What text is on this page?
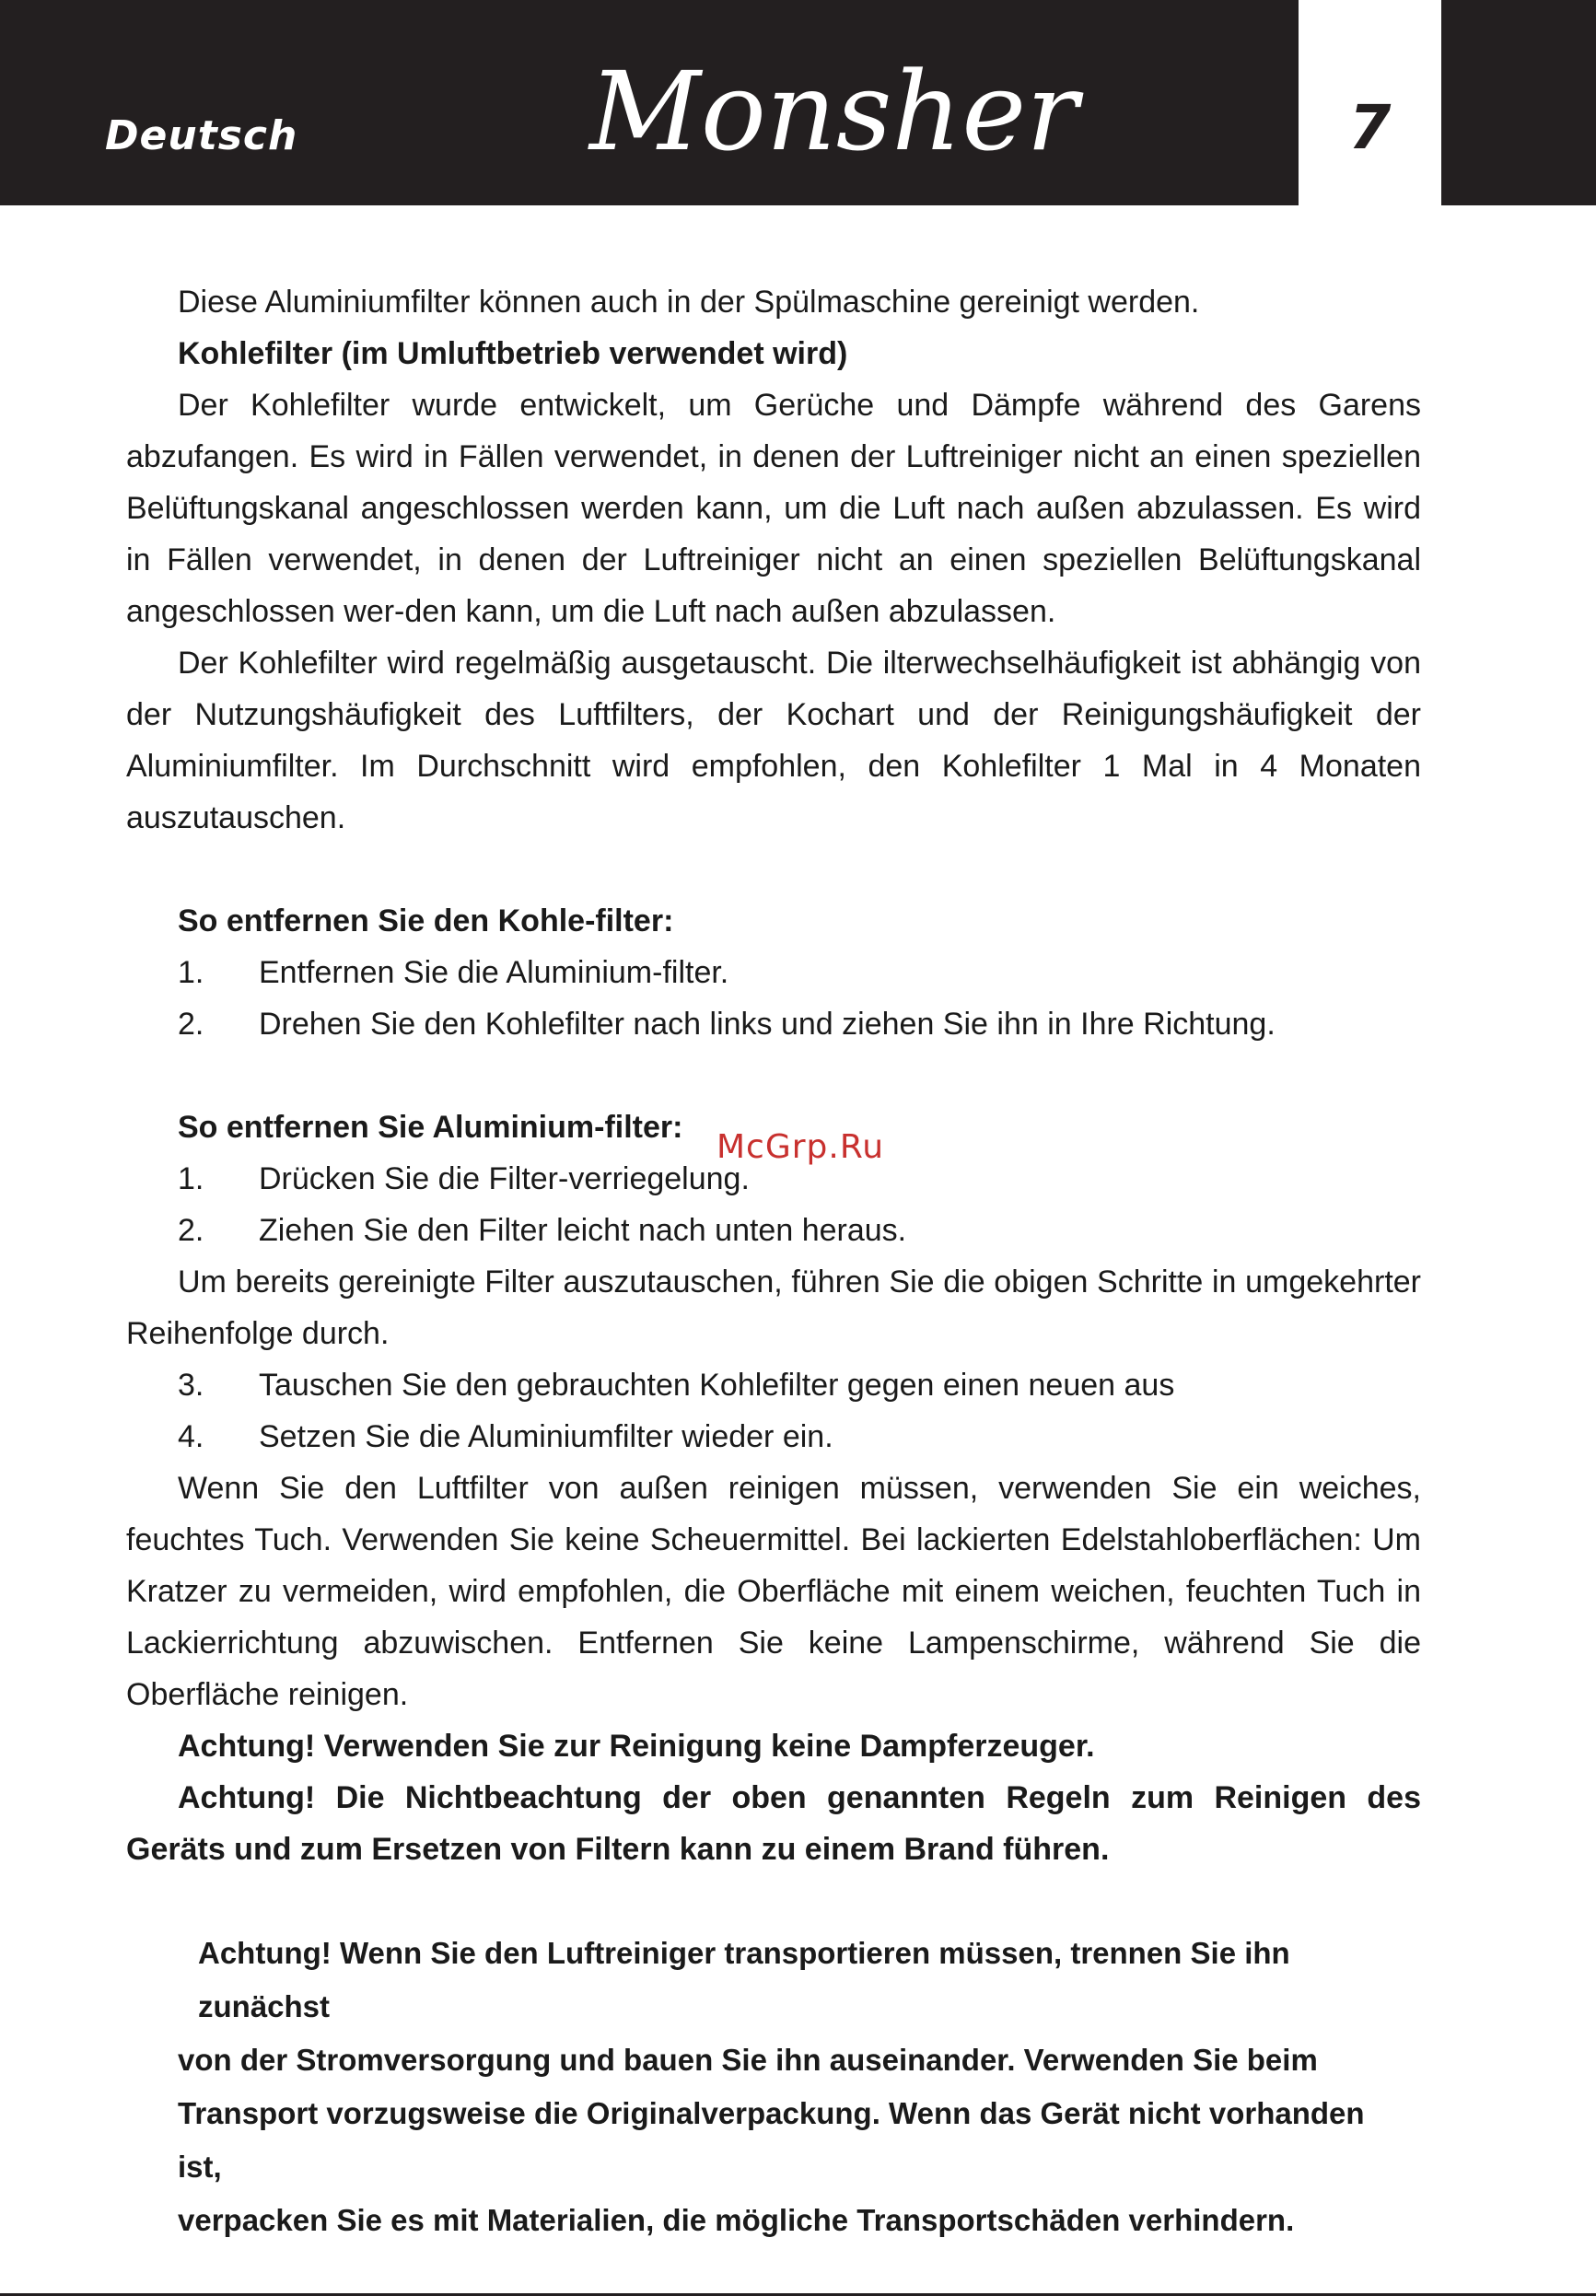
Deutsch	Monsher	7

Diese Aluminiumfilter können auch in der Spülmaschine gereinigt werden.

Kohlefilter (im Umluftbetrieb verwendet wird)

Der Kohlefilter wurde entwickelt, um Gerüche und Dämpfe während des Garens abzufangen. Es wird in Fällen verwendet, in denen der Luftreiniger nicht an einen speziellen Belüftungskanal angeschlossen werden kann, um die Luft nach außen abzulassen. Es wird in Fällen verwendet, in denen der Luftreiniger nicht an einen speziellen Belüftungskanal angeschlossen wer-den kann, um die Luft nach außen abzulassen.

Der Kohlefilter wird regelmäßig ausgetauscht. Die ilterwechselhäufigkeit ist abhängig von der Nutzungshäufigkeit des Luftfilters, der Kochart und der Reinigungshäufigkeit der Aluminiumfilter. Im Durchschnitt wird empfohlen, den Kohlefilter 1 Mal in 4 Monaten auszutauschen.

So entfernen Sie den Kohle-filter:

1.	Entfernen Sie die Aluminium-filter.
2.	Drehen Sie den Kohlefilter nach links und ziehen Sie ihn in Ihre Richtung.

So entfernen Sie Aluminium-filter:

1.	Drücken Sie die Filter-verriegelung.
2.	Ziehen Sie den Filter leicht nach unten heraus.

Um bereits gereinigte Filter auszutauschen, führen Sie die obigen Schritte in umgekehrter Reihenfolge durch.

3.	Tauschen Sie den gebrauchten Kohlefilter gegen einen neuen aus
4.	Setzen Sie die Aluminiumfilter wieder ein.

Wenn Sie den Luftfilter von außen reinigen müssen, verwenden Sie ein weiches, feuchtes Tuch. Verwenden Sie keine Scheuermittel. Bei lackierten Edelstahloberflächen: Um Kratzer zu vermeiden, wird empfohlen, die Oberfläche mit einem weichen, feuchten Tuch in Lackierrichtung abzuwischen. Entfernen Sie keine Lampenschirme, während Sie die Oberfläche reinigen.

Achtung! Verwenden Sie zur Reinigung keine Dampferzeuger.

Achtung! Die Nichtbeachtung der oben genannten Regeln zum Reinigen des Geräts und zum Ersetzen von Filtern kann zu einem Brand führen.

McGrp.Ru

Achtung! Wenn Sie den Luftreiniger transportieren müssen, trennen Sie ihn zunächst

von der Stromversorgung und bauen Sie ihn auseinander. Verwenden Sie beim

Transport vorzugsweise die Originalverpackung. Wenn das Gerät nicht vorhanden ist,

verpacken Sie es mit Materialien, die mögliche Transportschäden verhindern.
